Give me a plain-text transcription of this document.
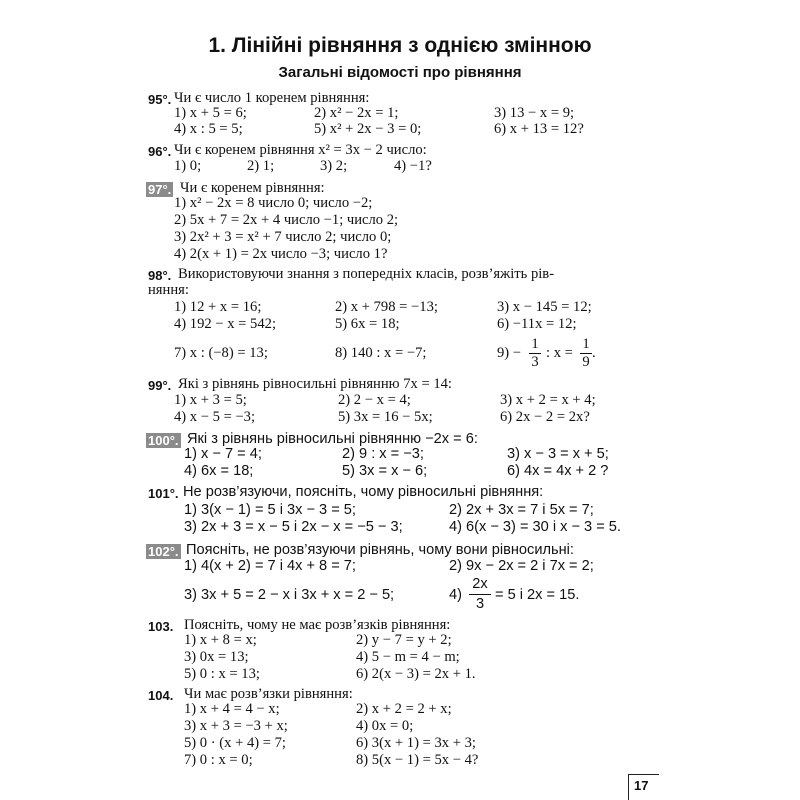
1. Лінійні рівняння з однією змінною
Загальні відомості про рівняння
95°. Чи є число 1 коренем рівняння:
1) x + 5 = 6;	2) x² − 2x = 1;	3) 13 − x = 9;
4) x : 5 = 5;	5) x² + 2x − 3 = 0;	6) x + 13 = 12?
96°. Чи є коренем рівняння x² = 3x − 2 число:
1) 0;	2) 1;	3) 2;	4) −1?
97°. Чи є коренем рівняння:
1) x² − 2x = 8 число 0; число −2;
2) 5x + 7 = 2x + 4 число −1; число 2;
3) 2x² + 3 = x² + 7 число 2; число 0;
4) 2(x + 1) = 2x число −3; число 1?
98°. Використовуючи знання з попередніх класів, розв’яжіть рів-
няння:
1) 12 + x = 16;	2) x + 798 = −13;	3) x − 145 = 12;
4) 192 − x = 542;	5) 6x = 18;	6) −11x = 12;
7) x : (−8) = 13;	8) 140 : x = −7;	9) −
1
3
: x =
1
9
.
99°. Які з рівнянь рівносильні рівнянню 7x = 14:
1) x + 3 = 5;	2) 2 − x = 4;	3) x + 2 = x + 4;
4) x − 5 = −3;	5) 3x = 16 − 5x;	6) 2x − 2 = 2x?
100°. Які з рівнянь рівносильні рівнянню −2x = 6:
1) x − 7 = 4;	2) 9 : x = −3;	3) x − 3 = x + 5;
4) 6x = 18;	5) 3x = x − 6;	6) 4x = 4x + 2 ?
101°. Не розв’язуючи, поясніть, чому рівносильні рівняння:
1) 3(x − 1) = 5 і 3x − 3 = 5;	2) 2x + 3x = 7 і 5x = 7;
3) 2x + 3 = x − 5 і 2x − x = −5 − 3;	4) 6(x − 3) = 30 і x − 3 = 5.
102°. Поясніть, не розв’язуючи рівнянь, чому вони рівносильні:
1) 4(x + 2) = 7 і 4x + 8 = 7;	2) 9x − 2x = 2 і 7x = 2;
3) 3x + 5 = 2 − x і 3x + x = 2 − 5;	4)
2x
3
= 5 і 2x = 15.
103. Поясніть, чому не має розв’язків рівняння:
1) x + 8 = x;	2) y − 7 = y + 2;
3) 0x = 13;	4) 5 − m = 4 − m;
5) 0 : x = 13;	6) 2(x − 3) = 2x + 1.
104. Чи має розв’язки рівняння:
1) x + 4 = 4 − x;	2) x + 2 = 2 + x;
3) x + 3 = −3 + x;	4) 0x = 0;
5) 0 · (x + 4) = 7;	6) 3(x + 1) = 3x + 3;
7) 0 : x = 0;	8) 5(x − 1) = 5x − 4?
17
